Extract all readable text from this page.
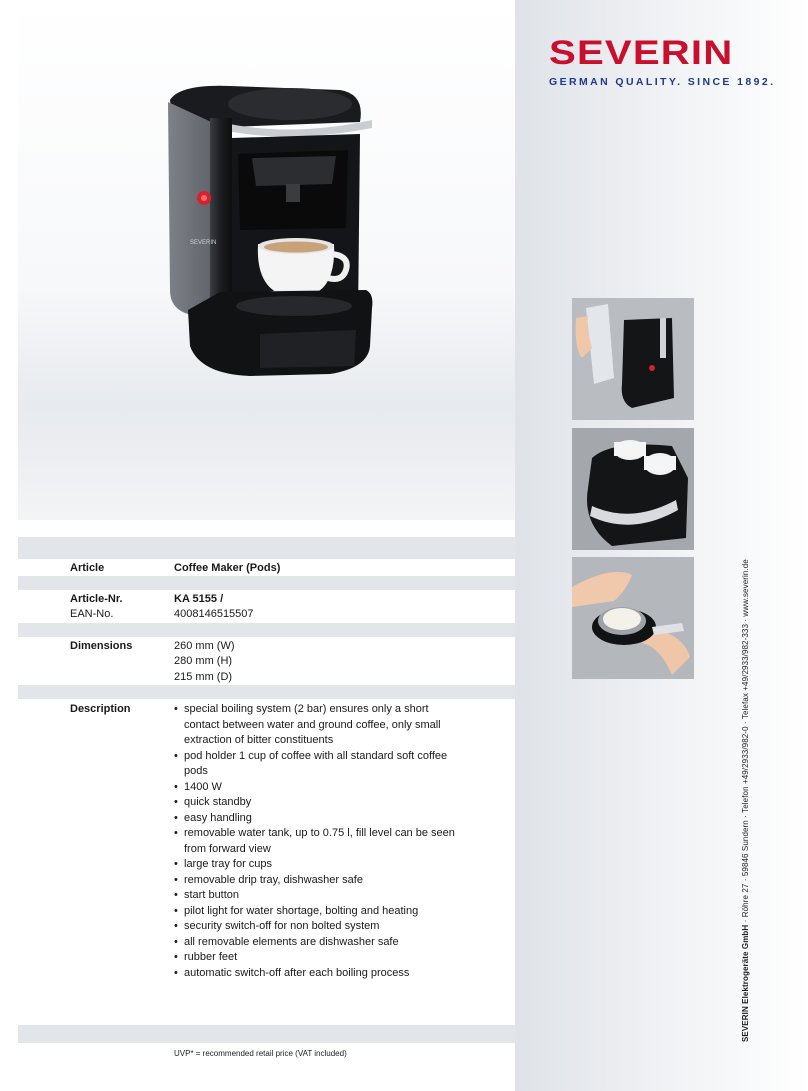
SEVERIN
GERMAN QUALITY. SINCE 1892.
SEVERIN
SEVERIN Elektrogeräte GmbH · Röhre 27 · 59846 Sundern · Telefon +49/2933/982-0 · Telefax +49/2933/982-333 · www.severin.de
Article	Coffee Maker (Pods)
Article-Nr.	KA 5155 /
EAN-No.	4008146515507
Dimensions	260 mm (W)
280 mm (H)
215 mm (D)
Description
•	special boiling system (2 bar) ensures only a short contact between water and ground coffee, only small extraction of bitter constituents
• pod holder 1 cup of coffee with all standard soft coffee pods
• 1400 W
• quick standby
• easy handling
• removable water tank, up to 0.75 l, fill level can be seen from forward view
• large tray for cups
• removable drip tray, dishwasher safe
• start button
• pilot light for water shortage, bolting and heating
• security switch-off for non bolted system
• all removable elements are dishwasher safe
• rubber feet
• automatic switch-off after each boiling process
UVP* = recommended retail price (VAT included)
